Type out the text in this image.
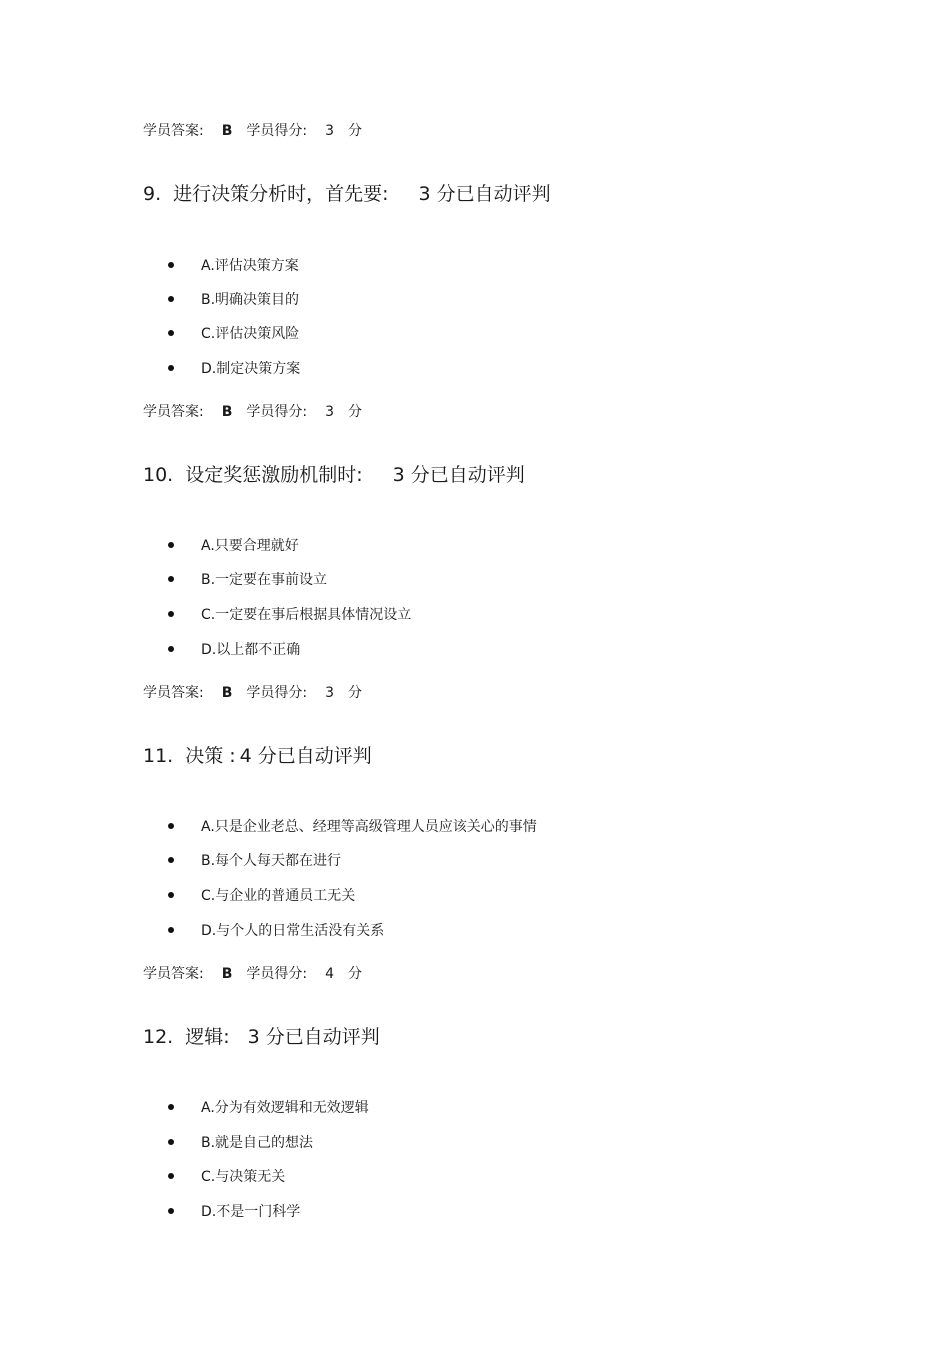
学员答案: B 学员得分: 3 分
9. 进行决策分析时，首先要: 3 分已自动评判
A.评估决策方案
B.明确决策目的
C.评估决策风险
D.制定决策方案
学员答案: B 学员得分: 3 分
10. 设定奖惩激励机制时: 3 分已自动评判
A.只要合理就好
B.一定要在事前设立
C.一定要在事后根据具体情况设立
D.以上都不正确
学员答案: B 学员得分: 3 分
11. 决策 : 4 分已自动评判
A.只是企业老总、经理等高级管理人员应该关心的事情
B.每个人每天都在进行
C.与企业的普通员工无关
D.与个人的日常生活没有关系
学员答案: B 学员得分: 4 分
12. 逻辑: 3 分已自动评判
A.分为有效逻辑和无效逻辑
B.就是自己的想法
C.与决策无关
D.不是一门科学
